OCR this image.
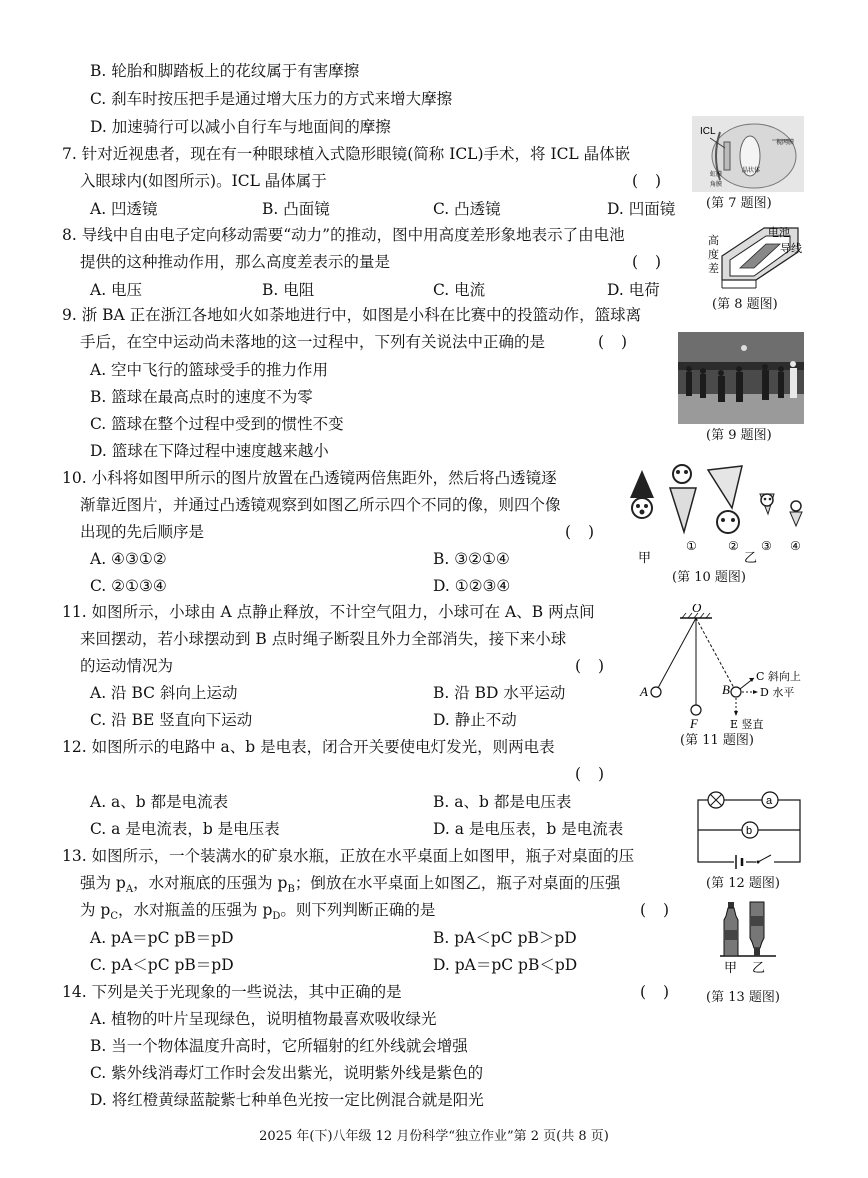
B. 轮胎和脚踏板上的花纹属于有害摩擦
C. 刹车时按压把手是通过增大压力的方式来增大摩擦
D. 加速骑行可以减小自行车与地面间的摩擦
7. 针对近视患者，现在有一种眼球植入式隐形眼镜(简称 ICL)手术，将 ICL 晶体嵌
入眼球内(如图所示)。ICL 晶体属于	( )
A. 凹透镜	B. 凸面镜	C. 凸透镜	D. 凹面镜
ICL
视网膜
晶状体
虹膜
角膜
(第 7 题图)
8. 导线中自由电子定向移动需要“动力”的推动，图中用高度差形象地表示了由电池
提供的这种推动作用，那么高度差表示的量是	( )
A. 电压	B. 电阻	C. 电流	D. 电荷
高
度
差
电池
导线
(第 8 题图)
9. 浙 BA 正在浙江各地如火如荼地进行中，如图是小科在比赛中的投篮动作，篮球离
手后，在空中运动尚未落地的这一过程中，下列有关说法中正确的是	( )
A. 空中飞行的篮球受手的推力作用
B. 篮球在最高点时的速度不为零
C. 篮球在整个过程中受到的惯性不变
D. 篮球在下降过程中速度越来越小
(第 9 题图)
10. 小科将如图甲所示的图片放置在凸透镜两倍焦距外，然后将凸透镜逐
渐靠近图片，并通过凸透镜观察到如图乙所示四个不同的像，则四个像
出现的先后顺序是	( )
A. ④③①②	B. ③②①④
C. ②①③④	D. ①②③④
甲	乙
①	② ③ ④
(第 10 题图)
11. 如图所示，小球由 A 点静止释放，不计空气阻力，小球可在 A、B 两点间
来回摆动，若小球摆动到 B 点时绳子断裂且外力全部消失，接下来小球
的运动情况为	( )
A. 沿 BC 斜向上运动	B. 沿 BD 水平运动
C. 沿 BE 竖直向下运动	D. 静止不动
O
A	B
F
C 斜向上
D 水平
E 竖直
(第 11 题图)
12. 如图所示的电路中 a、b 是电表，闭合开关要使电灯发光，则两电表
( )
A. a、b 都是电流表	B. a、b 都是电压表
C. a 是电流表，b 是电压表	D. a 是电压表，b 是电流表
a
b
(第 12 题图)
13. 如图所示，一个装满水的矿泉水瓶，正放在水平桌面上如图甲，瓶子对桌面的压
强为 $p_A$，水对瓶底的压强为 $p_B$；倒放在水平桌面上如图乙，瓶子对桌面的压强
为 $p_C$，水对瓶盖的压强为 $p_D$。则下列判断正确的是	( )
A. pA＝pC pB＝pD	B. pA＜pC pB＞pD
C. pA＜pC pB＝pD	D. pA＝pC pB＜pD	甲 乙
(第 13 题图)
14. 下列是关于光现象的一些说法，其中正确的是	( )
A. 植物的叶片呈现绿色，说明植物最喜欢吸收绿光
B. 当一个物体温度升高时，它所辐射的红外线就会增强
C. 紫外线消毒灯工作时会发出紫光，说明紫外线是紫色的
D. 将红橙黄绿蓝靛紫七种单色光按一定比例混合就是阳光
2025 年(下)八年级 12 月份科学“独立作业”第 2 页(共 8 页)
